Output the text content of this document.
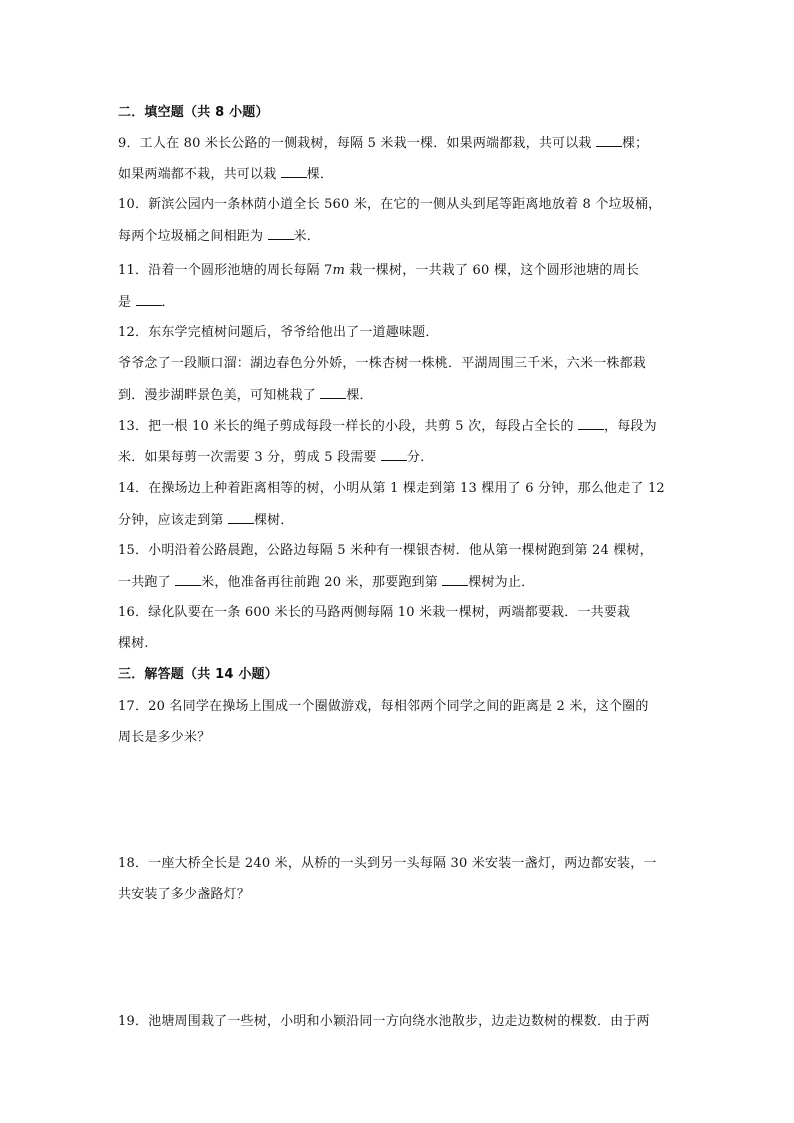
二．填空题（共 8 小题）
9．工人在 80 米长公路的一侧栽树，每隔 5 米栽一棵．如果两端都栽，共可以栽 棵；
如果两端都不栽，共可以栽 棵．
10．新滨公园内一条林荫小道全长 560 米，在它的一侧从头到尾等距离地放着 8 个垃圾桶，
每两个垃圾桶之间相距为 米．
11．沿着一个圆形池塘的周长每隔 7m 栽一棵树，一共栽了 60 棵，这个圆形池塘的周长
是 ．
12．东东学完植树问题后，爷爷给他出了一道趣味题．
爷爷念了一段顺口溜：湖边春色分外娇，一株杏树一株桃．平湖周围三千米，六米一株都栽
到．漫步湖畔景色美，可知桃栽了 棵．
13．把一根 10 米长的绳子剪成每段一样长的小段，共剪 5 次，每段占全长的 ，每段为
米．如果每剪一次需要 3 分，剪成 5 段需要 分．
14．在操场边上种着距离相等的树，小明从第 1 棵走到第 13 棵用了 6 分钟，那么他走了 12
分钟，应该走到第 棵树．
15．小明沿着公路晨跑，公路边每隔 5 米种有一棵银杏树．他从第一棵树跑到第 24 棵树，
一共跑了 米，他准备再往前跑 20 米，那要跑到第 棵树为止．
16．绿化队要在一条 600 米长的马路两侧每隔 10 米栽一棵树，两端都要栽．一共要栽
棵树.
三．解答题（共 14 小题）
17．20 名同学在操场上围成一个圈做游戏，每相邻两个同学之间的距离是 2 米，这个圈的
周长是多少米？
18．一座大桥全长是 240 米，从桥的一头到另一头每隔 30 米安装一盏灯，两边都安装，一
共安装了多少盏路灯？
19．池塘周围栽了一些树，小明和小颖沿同一方向绕水池散步，边走边数树的棵数．由于两
